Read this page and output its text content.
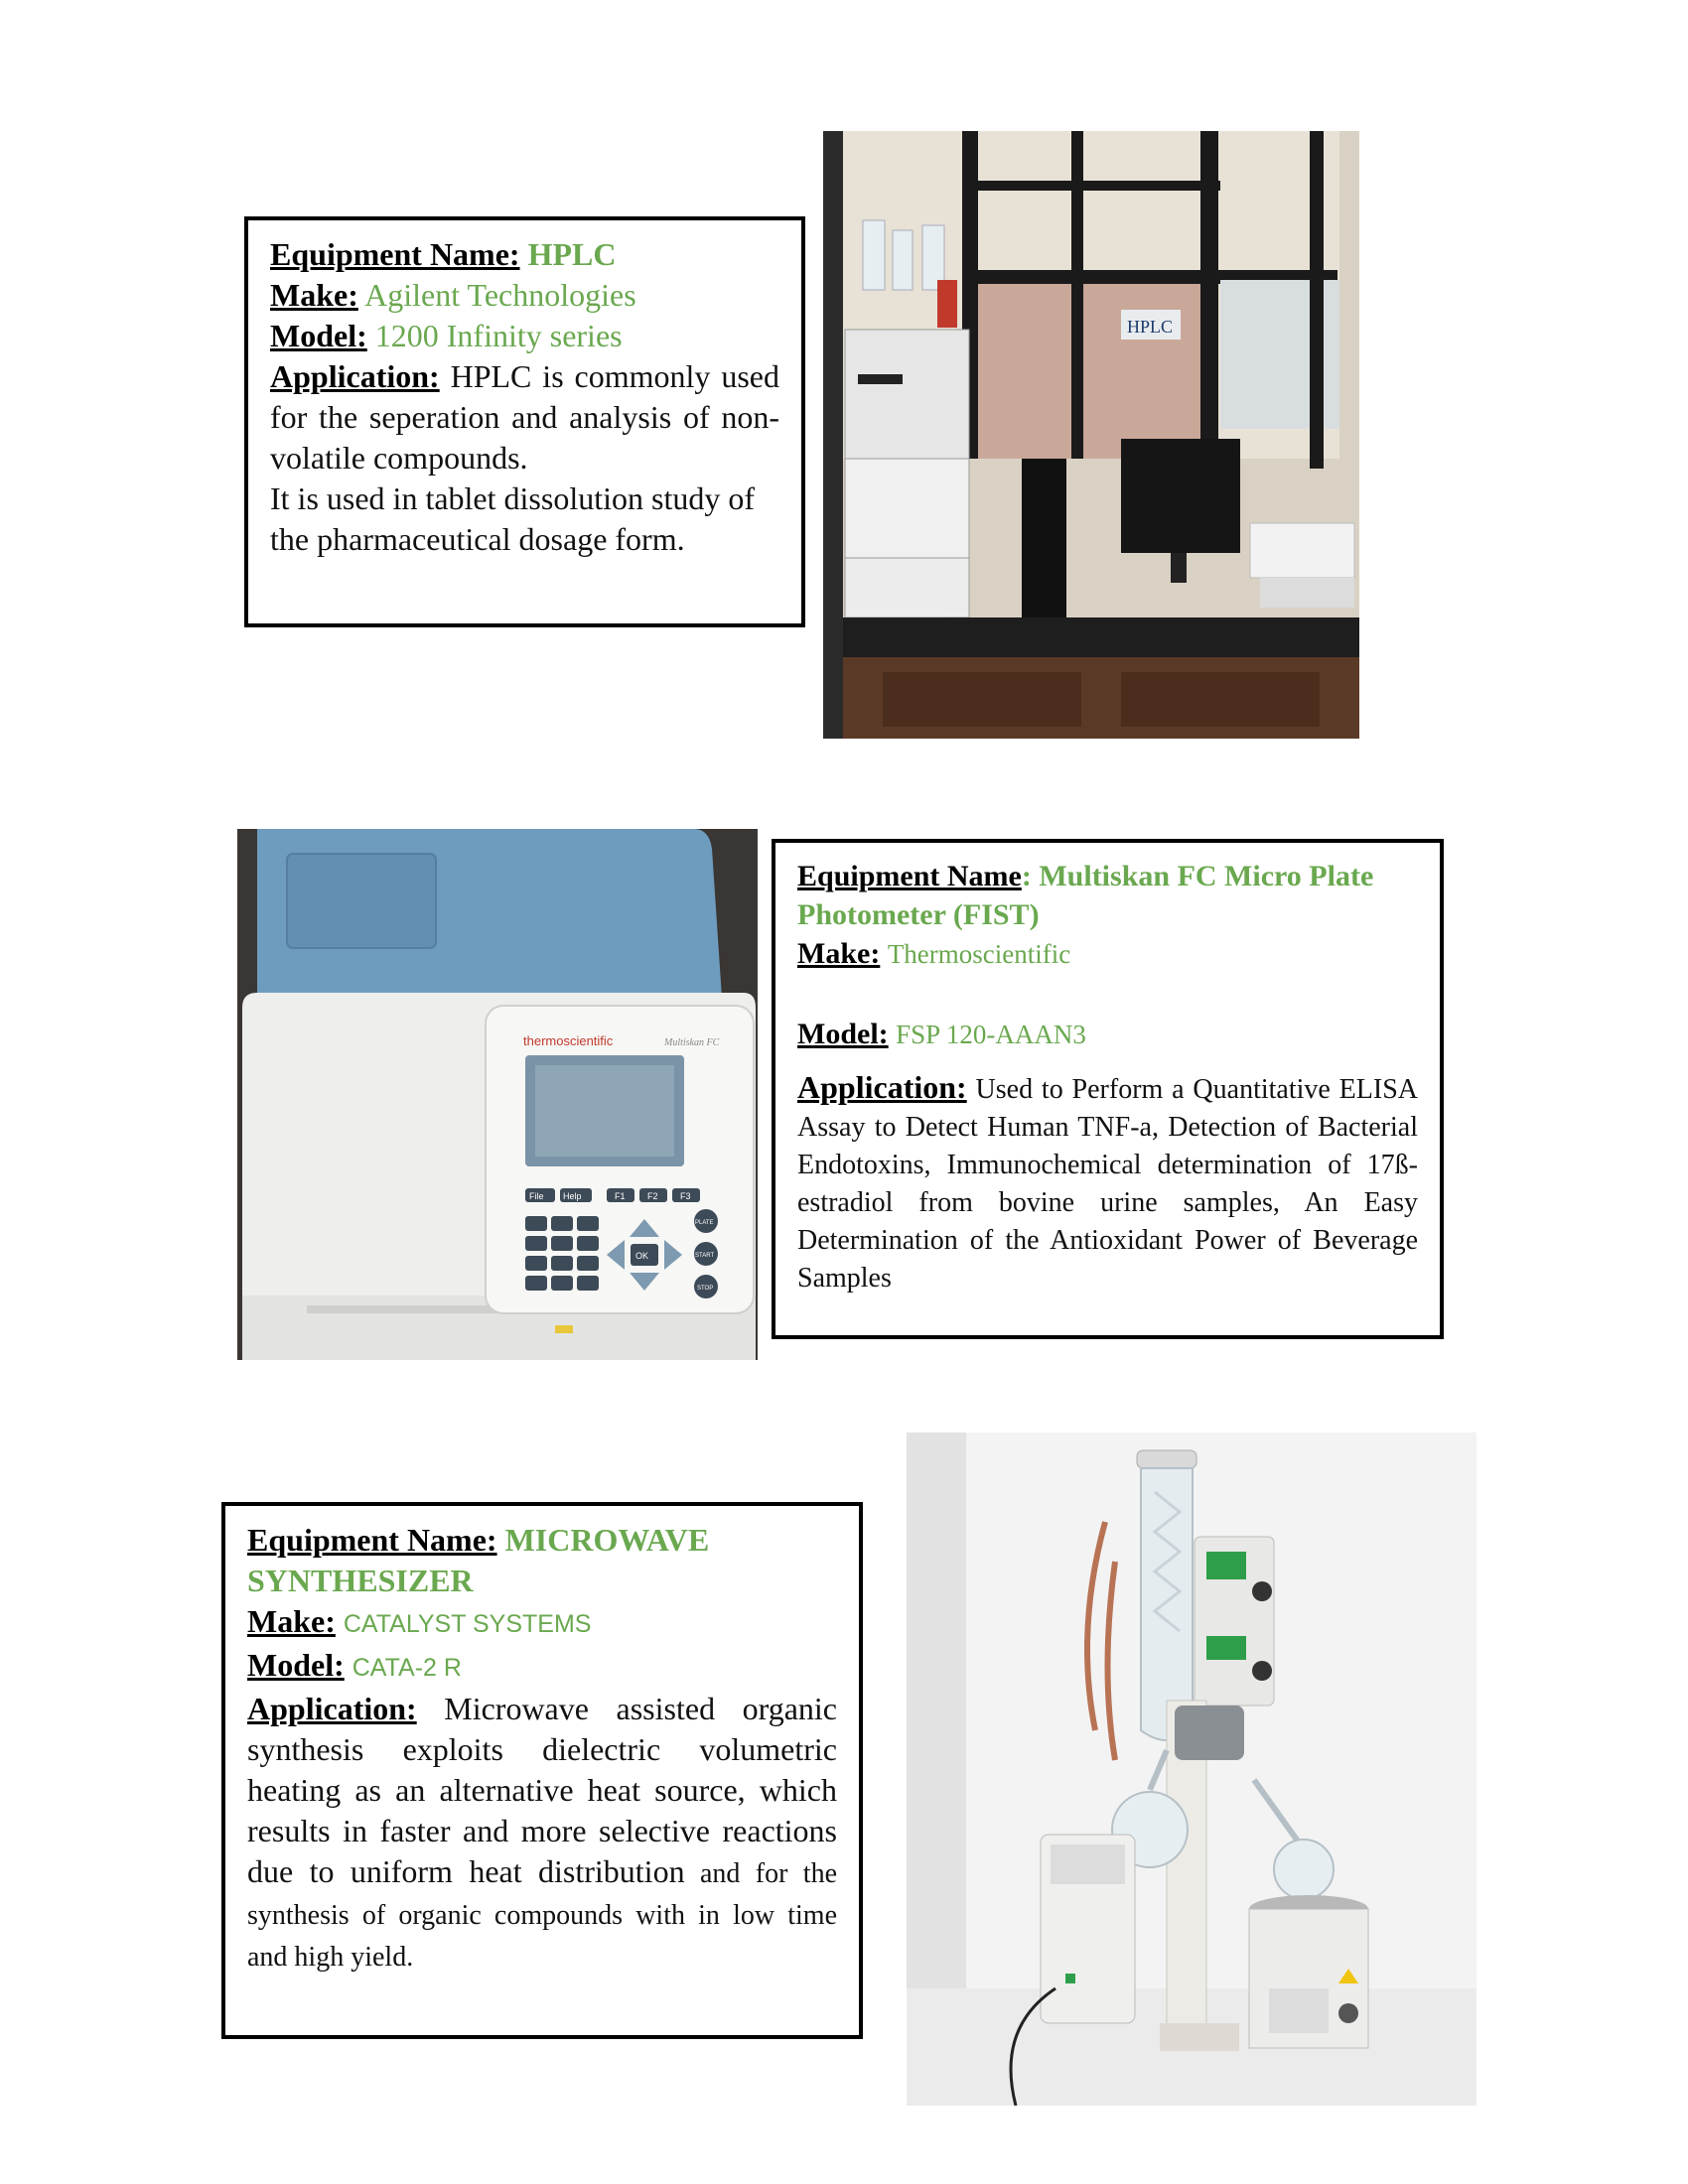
Equipment Name: HPLC
Make: Agilent Technologies
Model: 1200 Infinity series
Application: HPLC is commonly used for the seperation and analysis of non-volatile compounds.
It is used in tablet dissolution study of the pharmaceutical dosage form.
HPLC
thermoscientific	Multiskan FC
File Help	F1 F2 F3
OK
PLATE
START
STOP
Equipment Name: Multiskan FC Micro Plate Photometer (FIST)
Make: Thermoscientific
Model: FSP 120-AAAN3
Application: Used to Perform a Quantitative ELISA Assay to Detect Human TNF-a, Detection of Bacterial Endotoxins, Immunochemical determination of 17ß-estradiol from bovine urine samples, An Easy Determination of the Antioxidant Power of Beverage Samples
Equipment Name: MICROWAVE SYNTHESIZER
Make: CATALYST SYSTEMS
Model: CATA-2 R
Application: Microwave assisted organic synthesis exploits dielectric volumetric heating as an alternative heat source, which results in faster and more selective reactions due to uniform heat distribution and for the synthesis of organic compounds with in low time and high yield.
